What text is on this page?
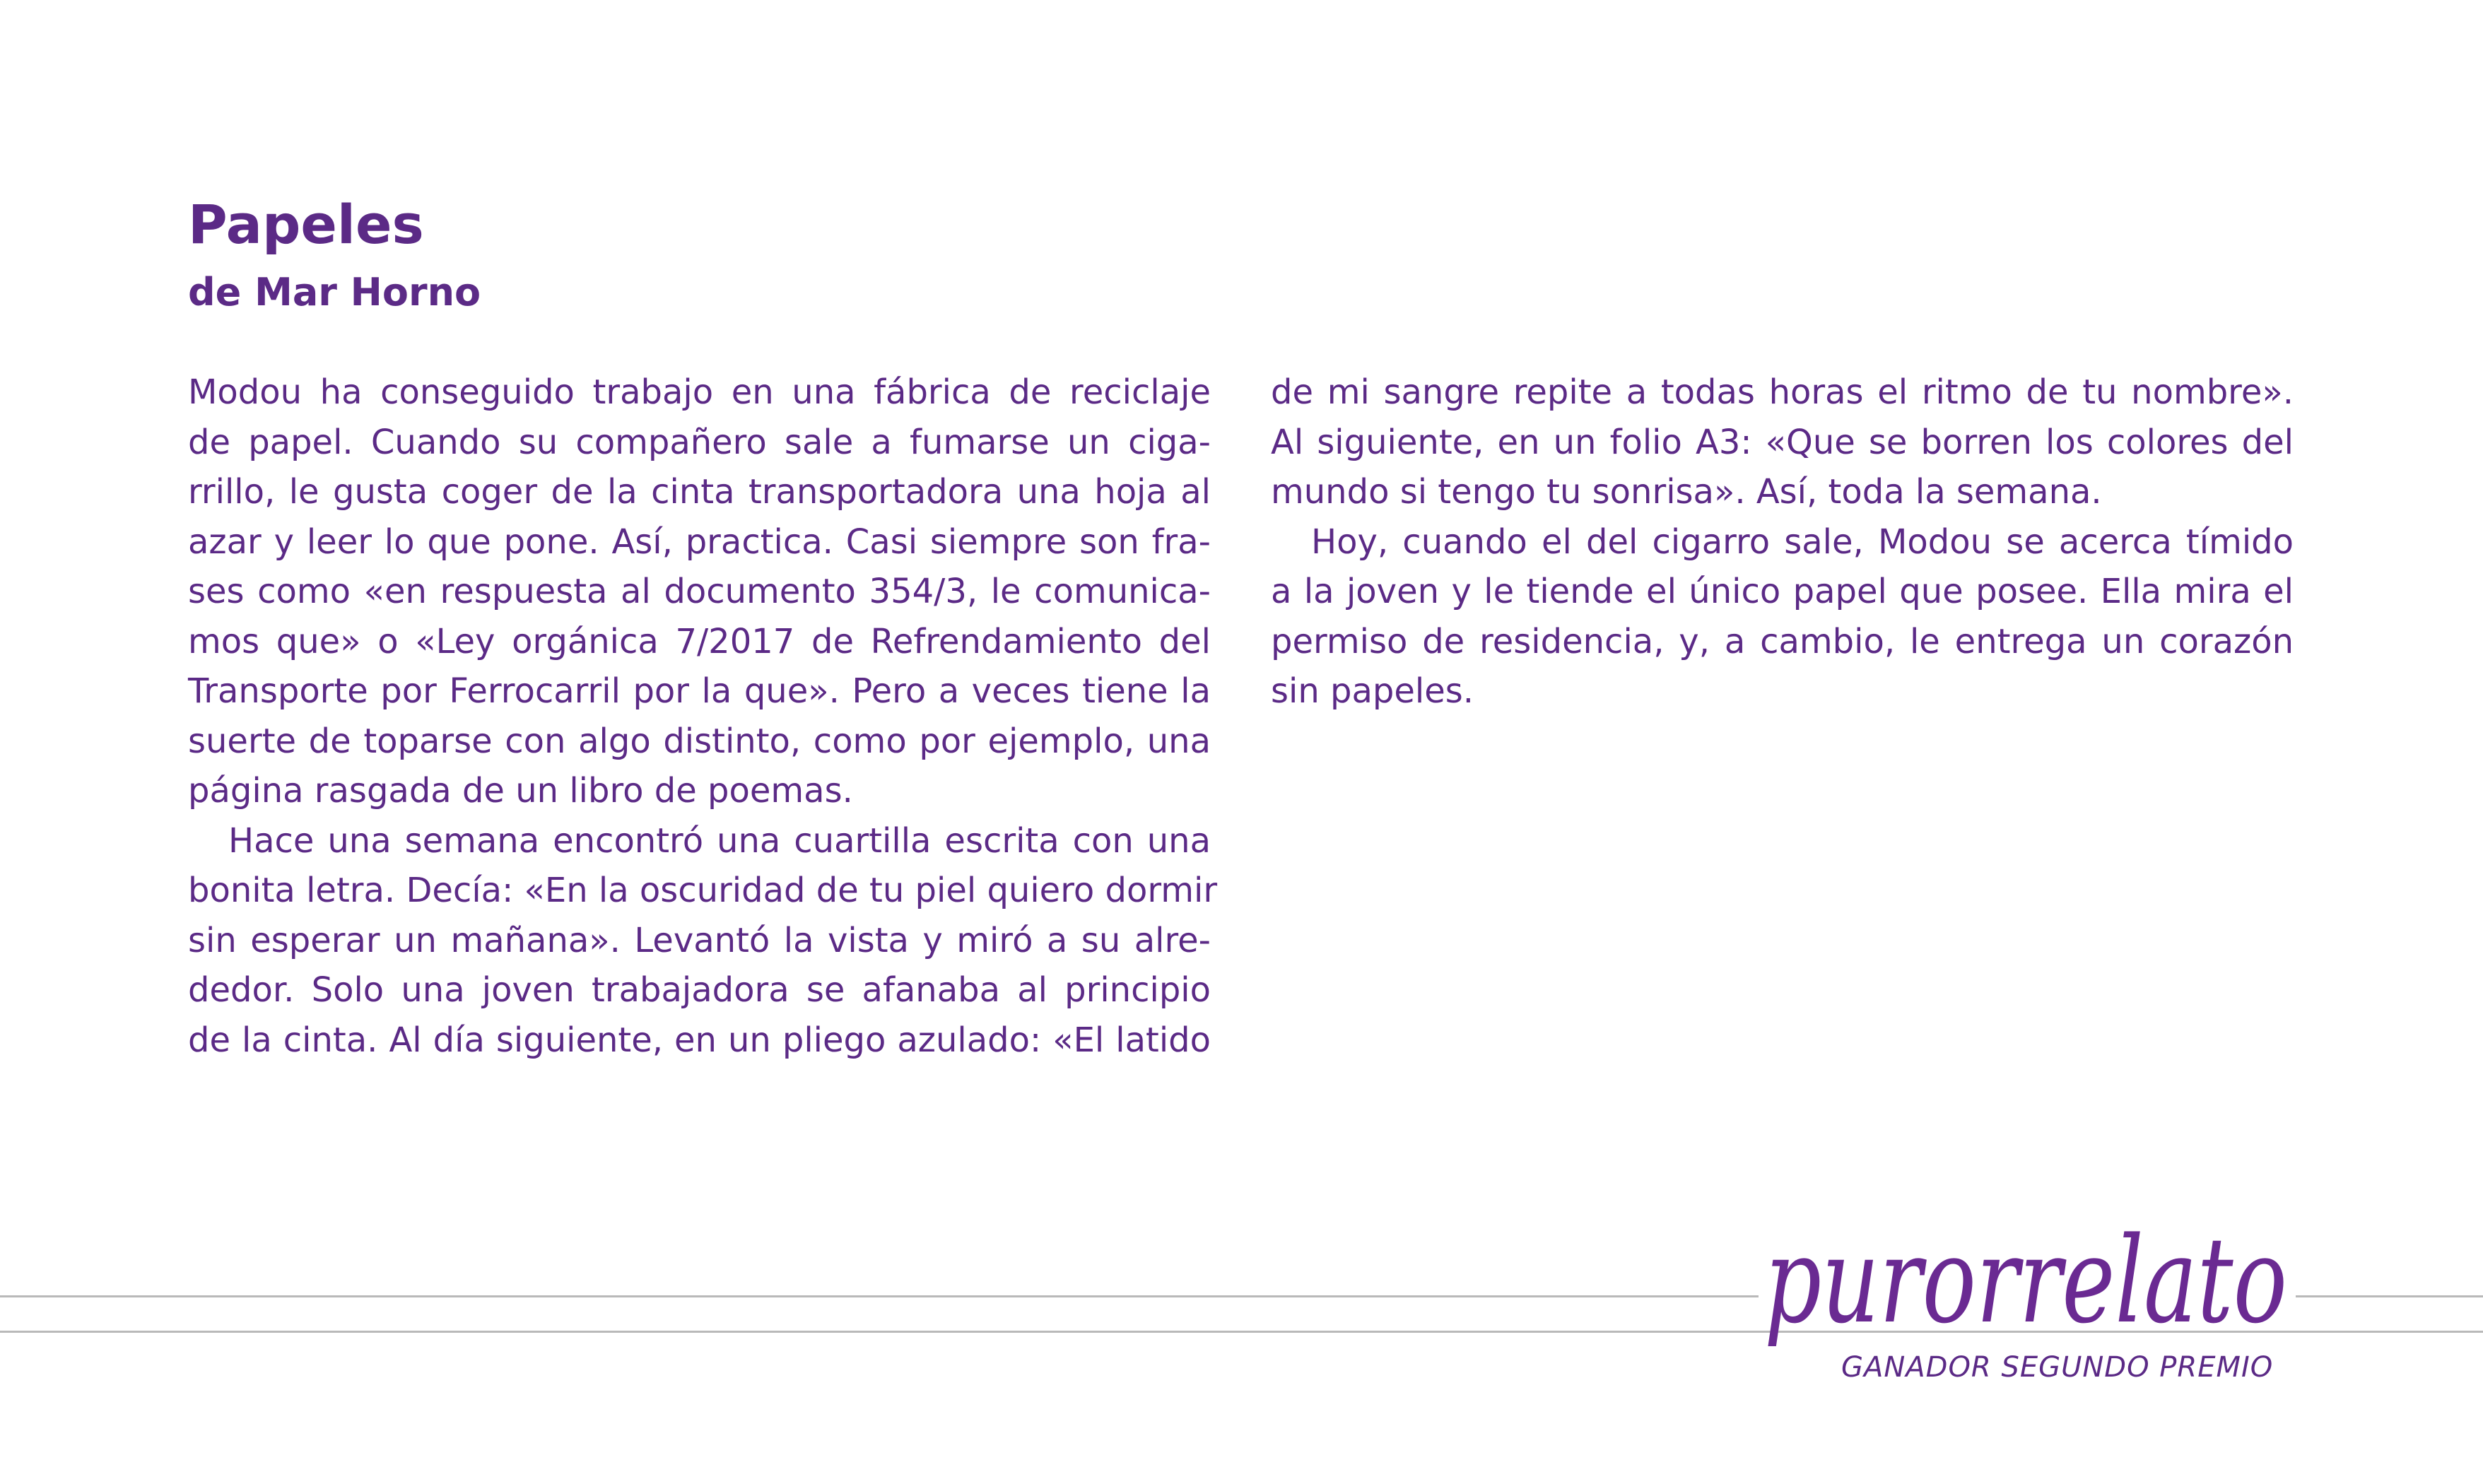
Papeles
de Mar Horno
Modou ha conseguido trabajo en una fábrica de reciclaje
de papel. Cuando su compañero sale a fumarse un ciga-
rrillo, le gusta coger de la cinta transportadora una hoja al
azar y leer lo que pone. Así, practica. Casi siempre son fra-
ses como «en respuesta al documento 354/3, le comunica-
mos que» o «Ley orgánica 7/2017 de Refrendamiento del
Transporte por Ferrocarril por la que». Pero a veces tiene la
suerte de toparse con algo distinto, como por ejemplo, una
página rasgada de un libro de poemas.
Hace una semana encontró una cuartilla escrita con una
bonita letra. Decía: «En la oscuridad de tu piel quiero dormir
sin esperar un mañana». Levantó la vista y miró a su alre-
dedor. Solo una joven trabajadora se afanaba al principio
de la cinta. Al día siguiente, en un pliego azulado: «El latido
de mi sangre repite a todas horas el ritmo de tu nombre».
Al siguiente, en un folio A3: «Que se borren los colores del
mundo si tengo tu sonrisa». Así, toda la semana.
Hoy, cuando el del cigarro sale, Modou se acerca tímido
a la joven y le tiende el único papel que posee. Ella mira el
permiso de residencia, y, a cambio, le entrega un corazón
sin papeles.
purorrelato
GANADOR SEGUNDO PREMIO
